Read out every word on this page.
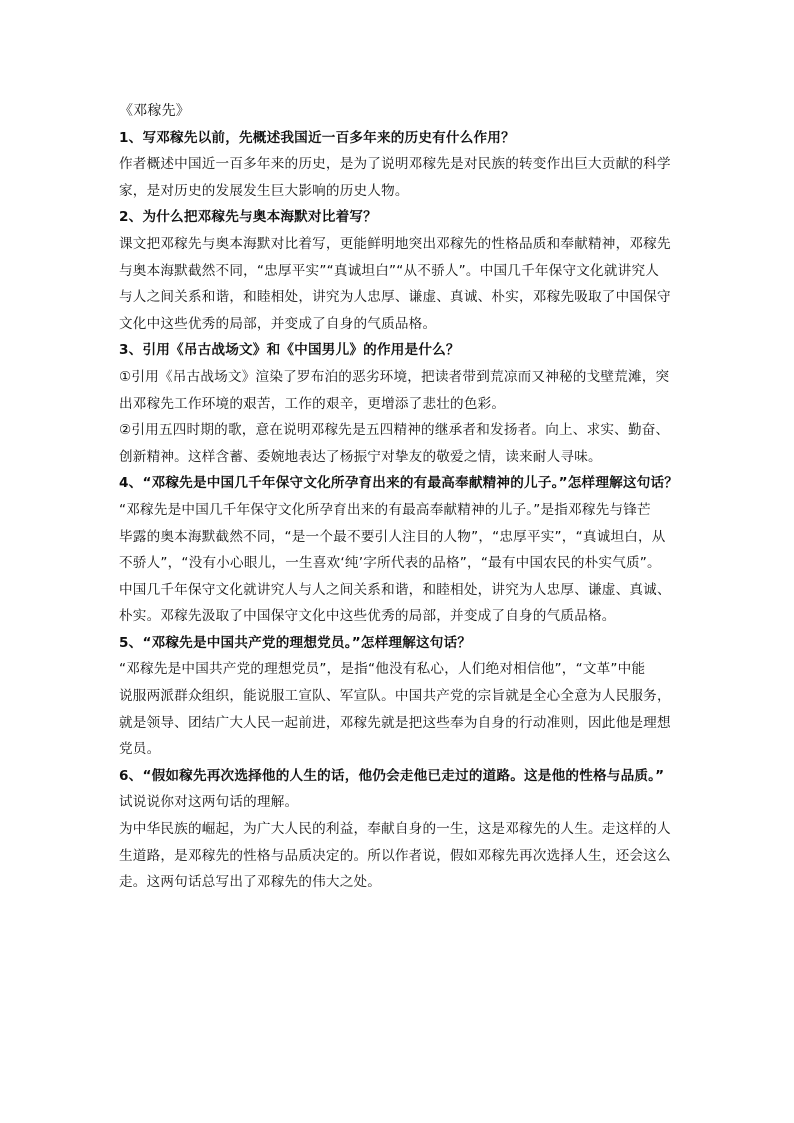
《邓稼先》
1、写邓稼先以前，先概述我国近一百多年来的历史有什么作用？
作者概述中国近一百多年来的历史，是为了说明邓稼先是对民族的转变作出巨大贡献的科学
家，是对历史的发展发生巨大影响的历史人物。
2、为什么把邓稼先与奥本海默对比着写？
课文把邓稼先与奥本海默对比着写，更能鲜明地突出邓稼先的性格品质和奉献精神，邓稼先
与奥本海默截然不同，“忠厚平实”“真诚坦白”“从不骄人”。中国几千年保守文化就讲究人
与人之间关系和谐，和睦相处，讲究为人忠厚、谦虚、真诚、朴实，邓稼先吸取了中国保守
文化中这些优秀的局部，并变成了自身的气质品格。
3、引用《吊古战场文》和《中国男儿》的作用是什么？
①引用《吊古战场文》渲染了罗布泊的恶劣环境，把读者带到荒凉而又神秘的戈壁荒滩，突
出邓稼先工作环境的艰苦，工作的艰辛，更增添了悲壮的色彩。
②引用五四时期的歌，意在说明邓稼先是五四精神的继承者和发扬者。向上、求实、勤奋、
创新精神。这样含蓄、委婉地表达了杨振宁对挚友的敬爱之情，读来耐人寻味。
4、“邓稼先是中国几千年保守文化所孕育出来的有最高奉献精神的儿子。”怎样理解这句话？
“邓稼先是中国几千年保守文化所孕育出来的有最高奉献精神的儿子。”是指邓稼先与锋芒
毕露的奥本海默截然不同，“是一个最不要引人注目的人物”，“忠厚平实”，“真诚坦白，从
不骄人”，“没有小心眼儿，一生喜欢‘纯’字所代表的品格”，“最有中国农民的朴实气质”。
中国几千年保守文化就讲究人与人之间关系和谐，和睦相处，讲究为人忠厚、谦虚、真诚、
朴实。邓稼先汲取了中国保守文化中这些优秀的局部，并变成了自身的气质品格。
5、“邓稼先是中国共产党的理想党员。”怎样理解这句话？
“邓稼先是中国共产党的理想党员”，是指“他没有私心，人们绝对相信他”，“文革”中能
说服两派群众组织，能说服工宣队、军宣队。中国共产党的宗旨就是全心全意为人民服务，
就是领导、团结广大人民一起前进，邓稼先就是把这些奉为自身的行动准则，因此他是理想
党员。
6、“假如稼先再次选择他的人生的话，他仍会走他已走过的道路。这是他的性格与品质。”
试说说你对这两句话的理解。
为中华民族的崛起，为广大人民的利益，奉献自身的一生，这是邓稼先的人生。走这样的人
生道路，是邓稼先的性格与品质决定的。所以作者说，假如邓稼先再次选择人生，还会这么
走。这两句话总写出了邓稼先的伟大之处。
